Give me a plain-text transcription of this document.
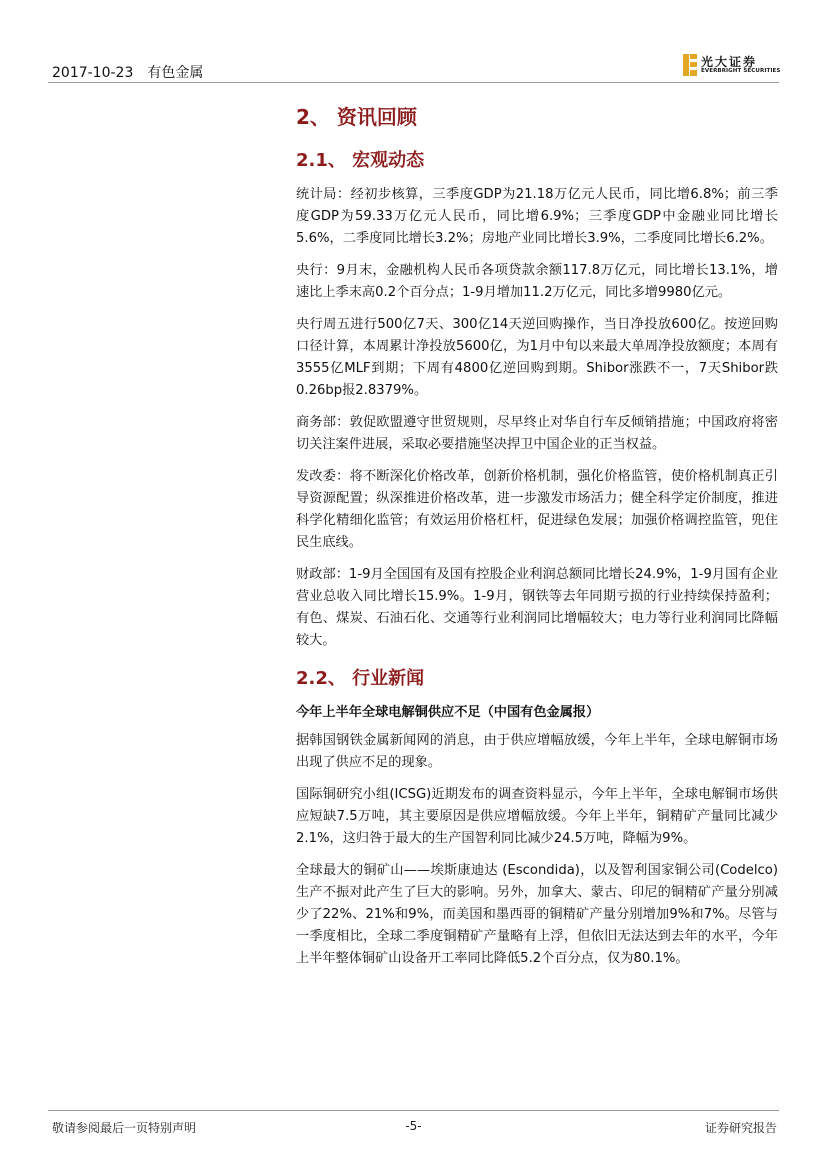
2017-10-23 有色金属
光大证券
EVERBRIGHT SECURITIES
2、 资讯回顾
2.1、 宏观动态

统计局：经初步核算，三季度GDP为21.18万亿元人民币，同比增6.8%；前三季度GDP为59.33万亿元人民币，同比增6.9%；三季度GDP中金融业同比增长5.6%，二季度同比增长3.2%；房地产业同比增长3.9%，二季度同比增长6.2%。

央行：9月末，金融机构人民币各项贷款余额117.8万亿元，同比增长13.1%，增速比上季末高0.2个百分点；1-9月增加11.2万亿元，同比多增9980亿元。

央行周五进行500亿7天、300亿14天逆回购操作，当日净投放600亿。按逆回购口径计算，本周累计净投放5600亿，为1月中旬以来最大单周净投放额度；本周有3555亿MLF到期；下周有4800亿逆回购到期。Shibor涨跌不一，7天Shibor跌0.26bp报2.8379%。

商务部：敦促欧盟遵守世贸规则，尽早终止对华自行车反倾销措施；中国政府将密切关注案件进展，采取必要措施坚决捍卫中国企业的正当权益。

发改委：将不断深化价格改革，创新价格机制，强化价格监管，使价格机制真正引导资源配置；纵深推进价格改革，进一步激发市场活力；健全科学定价制度，推进科学化精细化监管；有效运用价格杠杆，促进绿色发展；加强价格调控监管，兜住民生底线。

财政部：1-9月全国国有及国有控股企业利润总额同比增长24.9%，1-9月国有企业营业总收入同比增长15.9%。1-9月，钢铁等去年同期亏损的行业持续保持盈利；有色、煤炭、石油石化、交通等行业利润同比增幅较大；电力等行业利润同比降幅较大。

2.2、 行业新闻

今年上半年全球电解铜供应不足（中国有色金属报）

据韩国钢铁金属新闻网的消息，由于供应增幅放缓，今年上半年，全球电解铜市场出现了供应不足的现象。

国际铜研究小组(ICSG)近期发布的调查资料显示，今年上半年，全球电解铜市场供应短缺7.5万吨，其主要原因是供应增幅放缓。今年上半年，铜精矿产量同比减少2.1%，这归咎于最大的生产国智利同比减少24.5万吨，降幅为9%。

全球最大的铜矿山——埃斯康迪达 (Escondida)，以及智利国家铜公司(Codelco)生产不振对此产生了巨大的影响。另外，加拿大、蒙古、印尼的铜精矿产量分别减少了22%、21%和9%，而美国和墨西哥的铜精矿产量分别增加9%和7%。尽管与一季度相比，全球二季度铜精矿产量略有上浮，但依旧无法达到去年的水平，今年上半年整体铜矿山设备开工率同比降低5.2个百分点，仅为80.1%。

敬请参阅最后一页特别声明	-5-	证券研究报告
